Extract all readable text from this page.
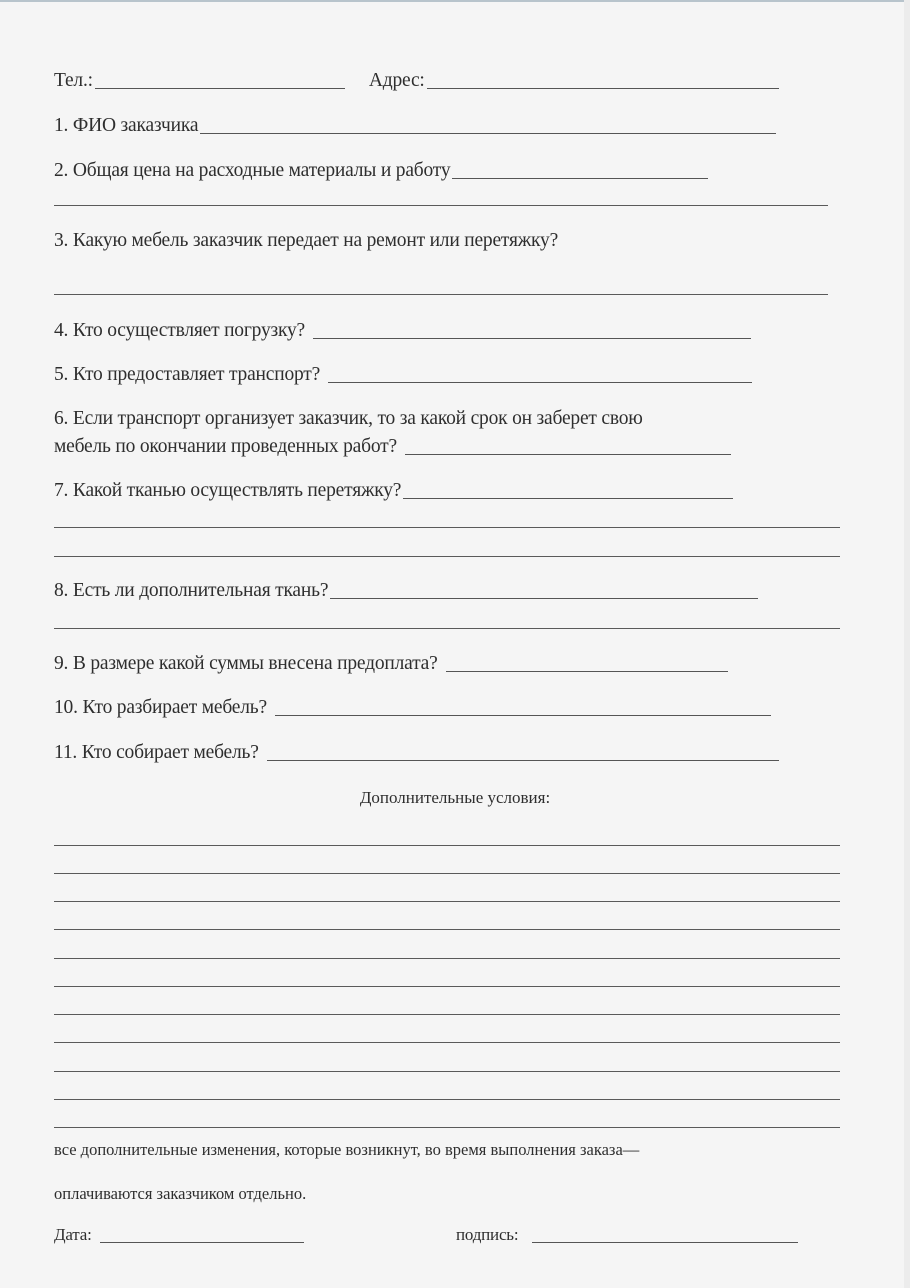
Тел.:	Адрес:
1. ФИО заказчика
2. Общая цена на расходные материалы и работу
3. Какую мебель заказчик передает на ремонт или перетяжку?
4. Кто осуществляет погрузку?
5. Кто предоставляет транспорт?
6. Если транспорт организует заказчик, то за какой срок он заберет свою
мебель по окончании проведенных работ?
7. Какой тканью осуществлять перетяжку?
8. Есть ли дополнительная ткань?
9. В размере какой суммы внесена предоплата?
10. Кто разбирает мебель?
11. Кто собирает мебель?
Дополнительные условия:
все дополнительные изменения, которые возникнут, во время выполнения заказа—
оплачиваются заказчиком отдельно.
Дата:	подпись:
